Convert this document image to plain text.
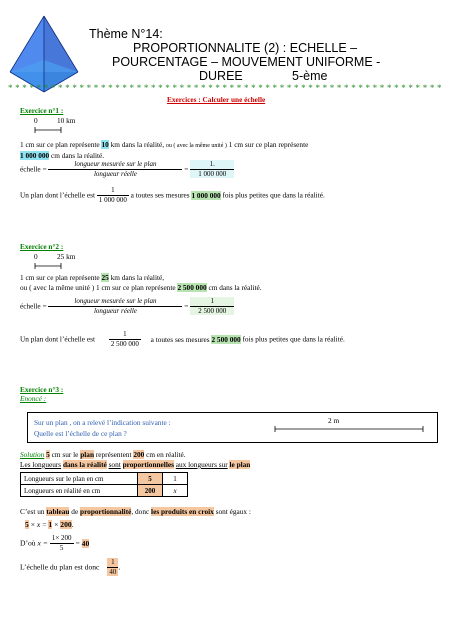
Thème N°14:
PROPORTIONNALITE (2) : ECHELLE –
POURCENTAGE – MOUVEMENT UNIFORME -
DUREE	5-ème
* * * * * * * * * * * * * * * * * * * * * * * * * * * * * * * * * * * * * * * * * * * * * * * * * * * * * * * * * * * * *
Exercices : Calculer une échelle
Exercice n°1 :
0	10 km
1 cm sur ce plan représente 10 km dans la réalité, ou ( avec la même unité ) 1 cm sur ce plan représente
1 000 000 cm dans la réalité.
échelle = $\frac{\text{longueur mesurée sur le plan}}{\text{longueur réelle}} = \frac{1.}{1 000 000}$
Un plan dont l’échelle est $\frac{1}{1 000 000}$ a toutes ses mesures 1 000 000 fois plus petites que dans la réalité.
Exercice n°2 :
0	25 km
1 cm sur ce plan représente 25 km dans la réalité,
ou ( avec la même unité ) 1 cm sur ce plan représente 2 500 000 cm dans la réalité.
échelle = $\frac{\text{longueur mesurée sur le plan}}{\text{longueur réelle}} = \frac{1}{2 500 000}$
Un plan dont l’échelle est $\frac{1}{2 500 000}$ a toutes ses mesures 2 500 000 fois plus petites que dans la réalité.
Exercice n°3 :
Enoncé :
Sur un plan , on a relevé l’indication suivante :
Quelle est l’échelle de ce plan ?
2 m
Solution 5 cm sur le plan représentent 200 cm en réalité.
Les longueurs dans la réalité sont proportionnelles aux longueurs sur le plan
Longueurs sur le plan en cm	5	1
Longueurs en réalité en cm	200	x
C’est un tableau de proportionnalité, donc les produits en croix sont égaux :
5 × x = 1 × 200.
D’où $x = \frac{1\times 200}{5} = 40$
L’échelle du plan est donc $\frac{1}{40}$ .
